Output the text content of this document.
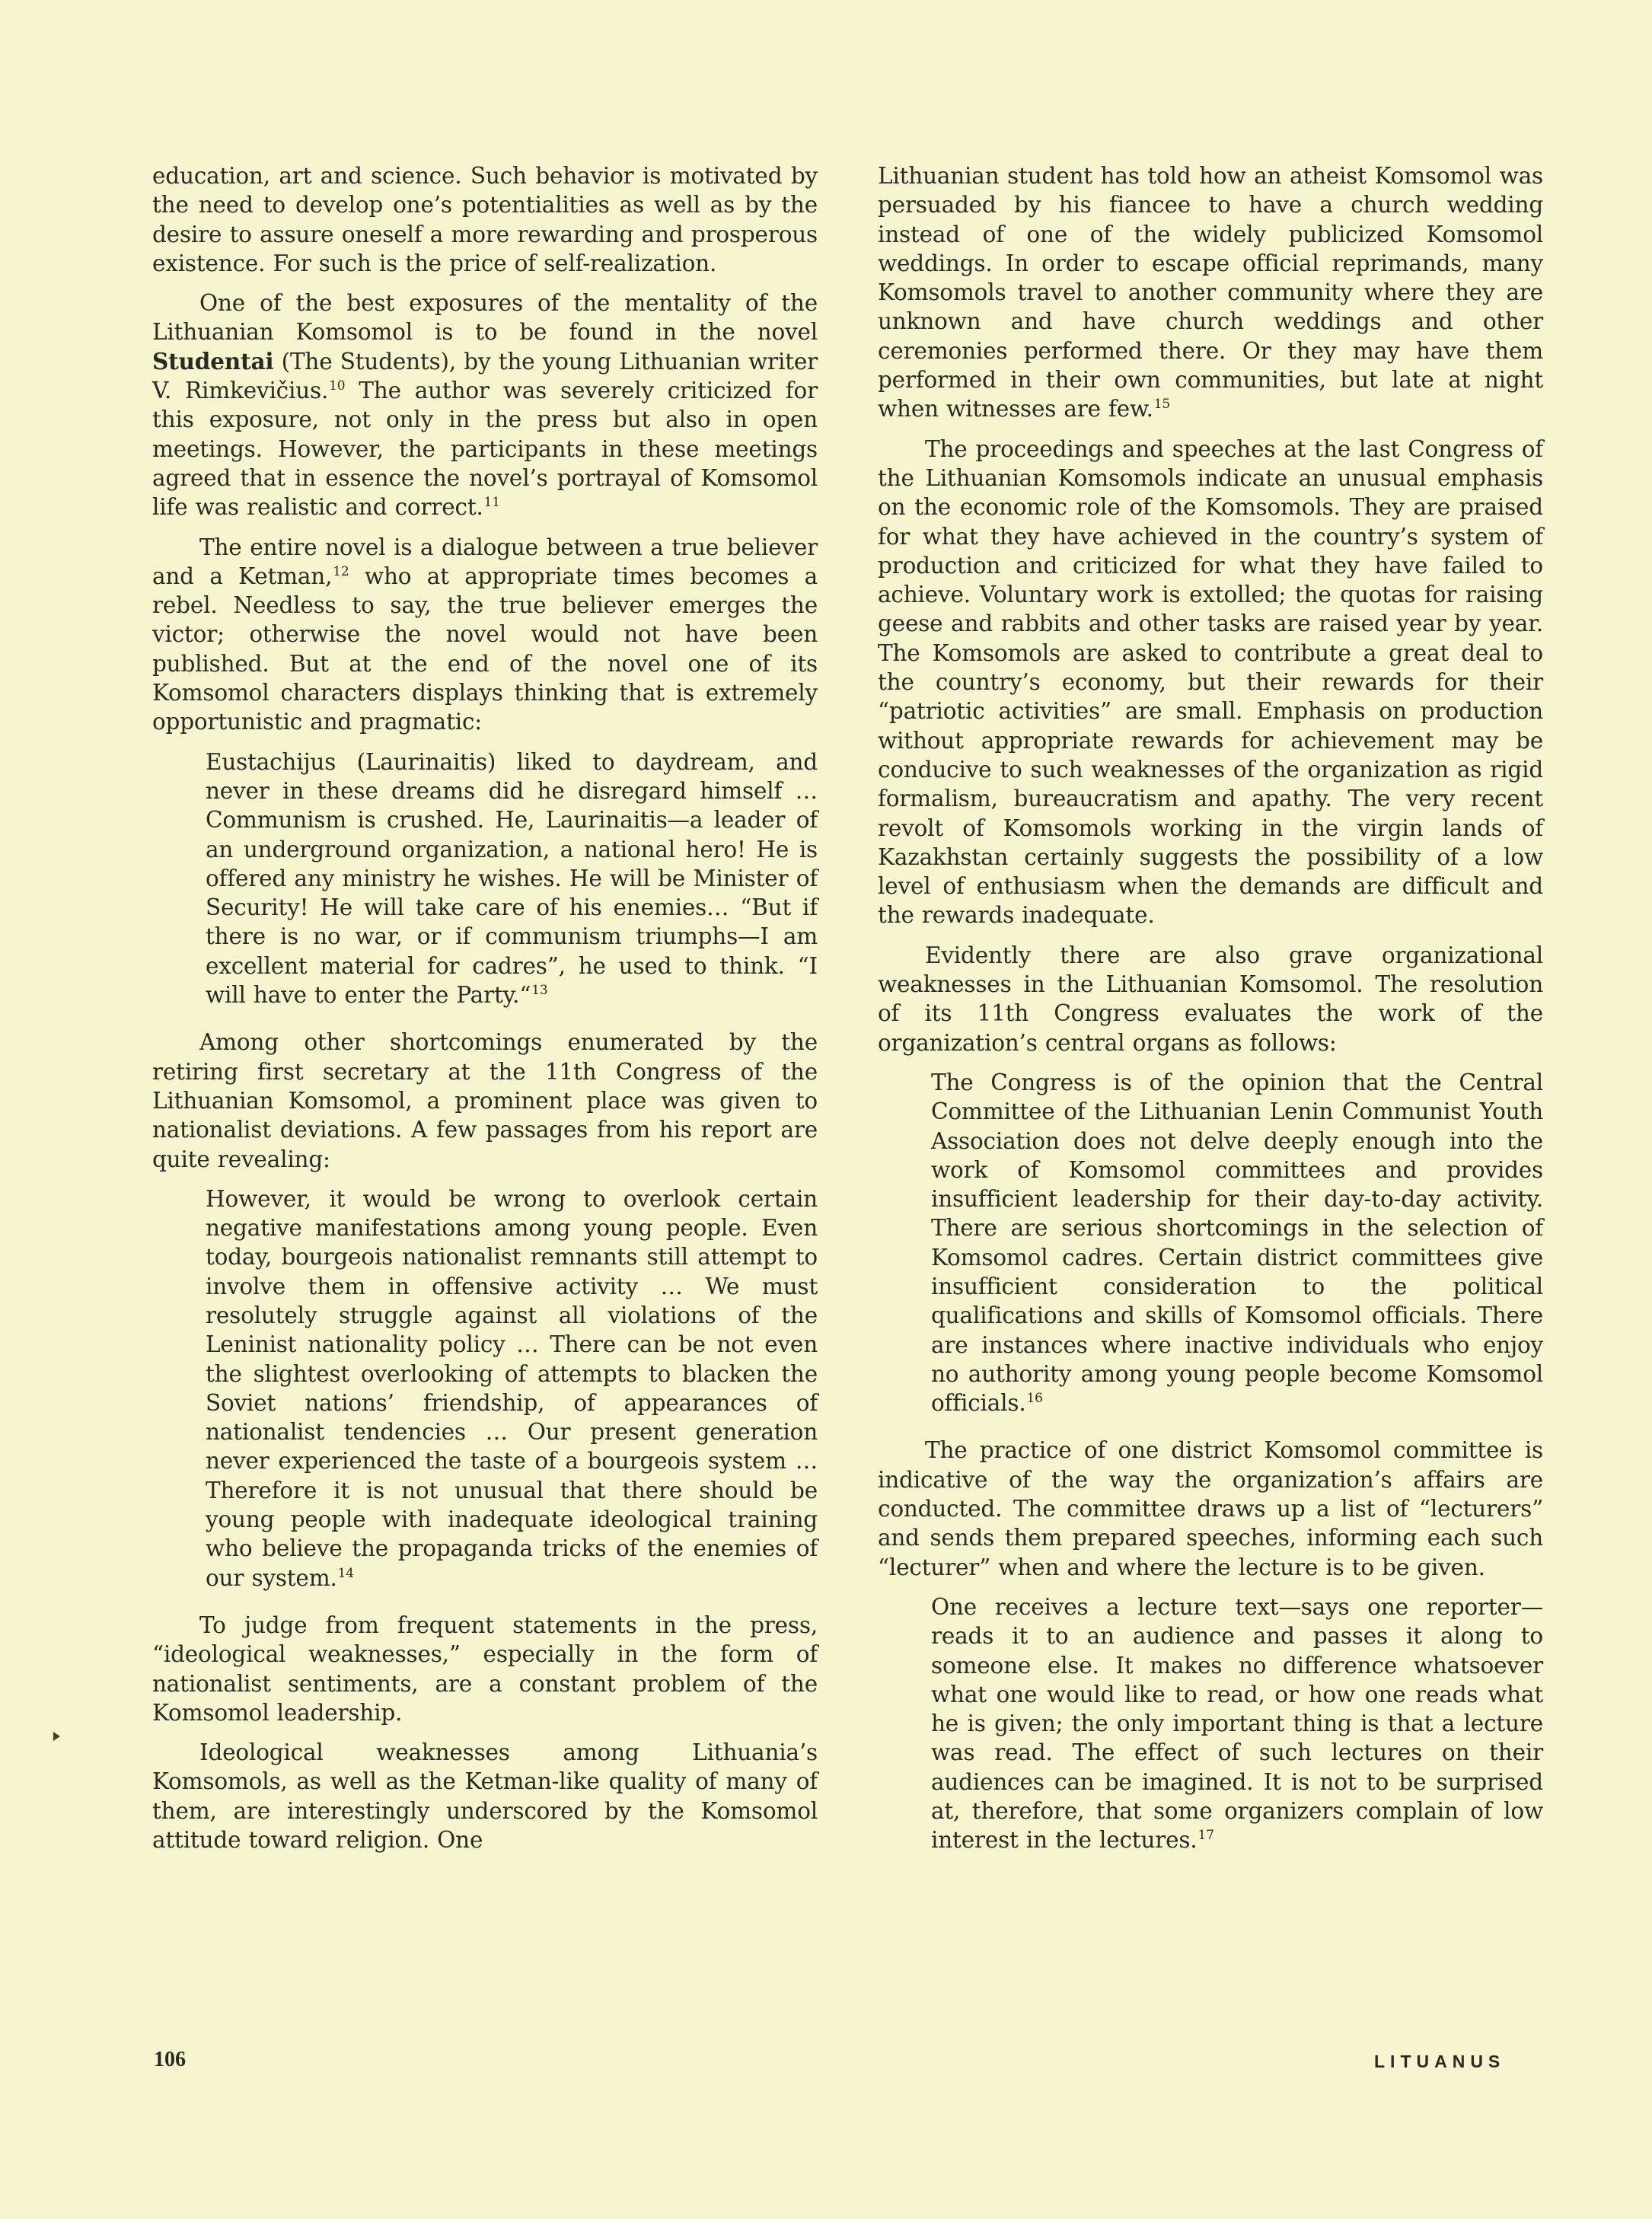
education, art and science. Such behavior is motivated by the need to develop one’s potentialities as well as by the desire to assure oneself a more rewarding and prosperous existence. For such is the price of self-realization.

One of the best exposures of the mentality of the Lithuanian Komsomol is to be found in the novel Studentai (The Students), by the young Lithuanian writer V. Rimkevičius.$^{10}$ The author was severely criticized for this exposure, not only in the press but also in open meetings. However, the participants in these meetings agreed that in essence the novel’s portrayal of Komsomol life was realistic and correct.$^{11}$

The entire novel is a dialogue between a true believer and a Ketman,$^{12}$ who at appropriate times becomes a rebel. Needless to say, the true believer emerges the victor; otherwise the novel would not have been published. But at the end of the novel one of its Komsomol characters displays thinking that is extremely opportunistic and pragmatic:

Eustachijus (Laurinaitis) liked to daydream, and never in these dreams did he disregard himself … Communism is crushed. He, Laurinaitis—a leader of an underground organization, a national hero! He is offered any ministry he wishes. He will be Minister of Security! He will take care of his enemies… “But if there is no war, or if communism triumphs—I am excellent material for cadres”, he used to think. “I will have to enter the Party.“$^{13}$

Among other shortcomings enumerated by the retiring first secretary at the 11th Congress of the Lithuanian Komsomol, a prominent place was given to nationalist deviations. A few passages from his report are quite revealing:

However, it would be wrong to overlook certain negative manifestations among young people. Even today, bourgeois nationalist remnants still attempt to involve them in offensive activity … We must resolutely struggle against all violations of the Leninist nationality policy … There can be not even the slightest overlooking of attempts to blacken the Soviet nations’ friendship, of appearances of nationalist tendencies … Our present generation never experienced the taste of a bourgeois system … Therefore it is not unusual that there should be young people with inadequate ideological training who believe the propaganda tricks of the enemies of our system.$^{14}$

To judge from frequent statements in the press, “ideological weaknesses,” especially in the form of nationalist sentiments, are a constant problem of the Komsomol leadership.

Ideological weaknesses among Lithuania’s Komsomols, as well as the Ketman-like quality of many of them, are interestingly underscored by the Komsomol attitude toward religion. One

Lithuanian student has told how an atheist Komsomol was persuaded by his fiancee to have a church wedding instead of one of the widely publicized Komsomol weddings. In order to escape official reprimands, many Komsomols travel to another community where they are unknown and have church weddings and other ceremonies performed there. Or they may have them performed in their own communities, but late at night when witnesses are few.$^{15}$

The proceedings and speeches at the last Congress of the Lithuanian Komsomols indicate an unusual emphasis on the economic role of the Komsomols. They are praised for what they have achieved in the country’s system of production and criticized for what they have failed to achieve. Voluntary work is extolled; the quotas for raising geese and rabbits and other tasks are raised year by year. The Komsomols are asked to contribute a great deal to the country’s economy, but their rewards for their “patriotic activities” are small. Emphasis on production without appropriate rewards for achievement may be conducive to such weaknesses of the organization as rigid formalism, bureaucratism and apathy. The very recent revolt of Komsomols working in the virgin lands of Kazakhstan certainly suggests the possibility of a low level of enthusiasm when the demands are difficult and the rewards inadequate.

Evidently there are also grave organizational weaknesses in the Lithuanian Komsomol. The resolution of its 11th Congress evaluates the work of the organization’s central organs as follows:

The Congress is of the opinion that the Central Committee of the Lithuanian Lenin Communist Youth Association does not delve deeply enough into the work of Komsomol committees and provides insufficient leadership for their day-to-day activity. There are serious shortcomings in the selection of Komsomol cadres. Certain district committees give insufficient consideration to the political qualifications and skills of Komsomol officials. There are instances where inactive individuals who enjoy no authority among young people become Komsomol officials.$^{16}$

The practice of one district Komsomol committee is indicative of the way the organization’s affairs are conducted. The committee draws up a list of “lecturers” and sends them prepared speeches, informing each such “lecturer” when and where the lecture is to be given.

One receives a lecture text—says one reporter—reads it to an audience and passes it along to someone else. It makes no difference whatsoever what one would like to read, or how one reads what he is given; the only important thing is that a lecture was read. The effect of such lectures on their audiences can be imagined. It is not to be surprised at, therefore, that some organizers complain of low interest in the lectures.$^{17}$

106	LITUANUS
